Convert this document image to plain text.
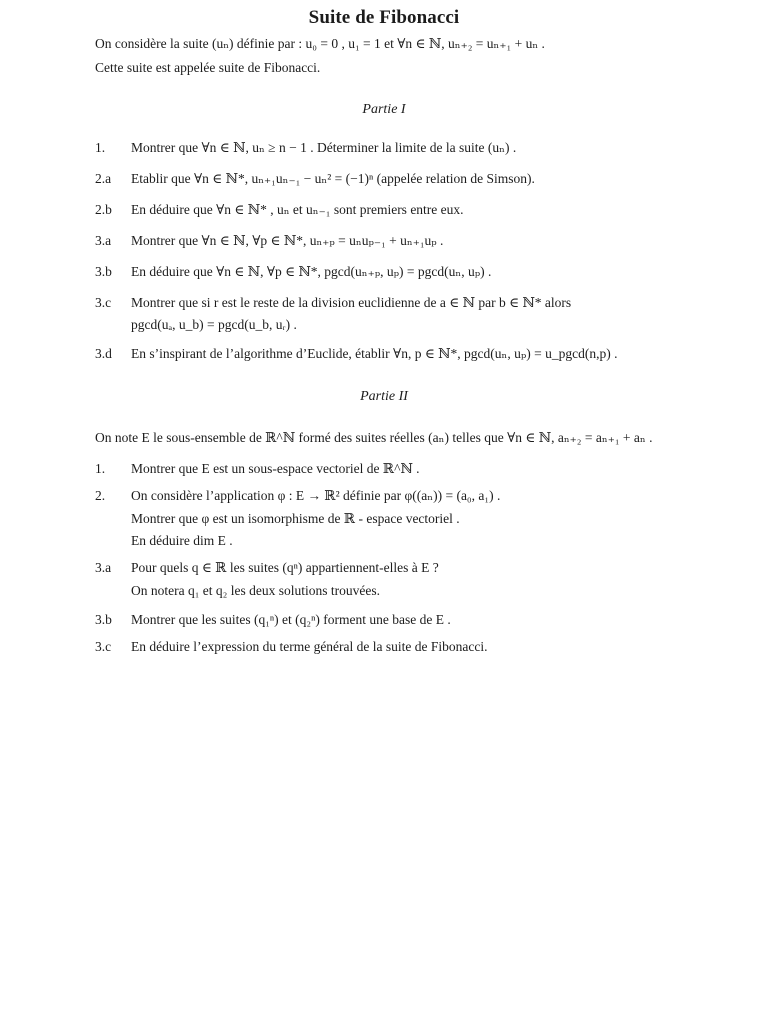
Suite de Fibonacci
On considère la suite (uₙ) définie par : u₀ = 0 , u₁ = 1 et ∀n ∈ ℕ, uₙ₊₂ = uₙ₊₁ + uₙ .
Cette suite est appelée suite de Fibonacci.
Partie I
1. Montrer que ∀n ∈ ℕ, uₙ ≥ n − 1 . Déterminer la limite de la suite (uₙ) .
2.a Etablir que ∀n ∈ ℕ*, uₙ₊₁uₙ₋₁ − uₙ² = (−1)ⁿ (appelée relation de Simson).
2.b En déduire que ∀n ∈ ℕ* , uₙ et uₙ₋₁ sont premiers entre eux.
3.a Montrer que ∀n ∈ ℕ, ∀p ∈ ℕ*, uₙ₊ₚ = uₙuₚ₋₁ + uₙ₊₁uₚ .
3.b En déduire que ∀n ∈ ℕ, ∀p ∈ ℕ*, pgcd(uₙ₊ₚ, uₚ) = pgcd(uₙ, uₚ) .
3.c Montrer que si r est le reste de la division euclidienne de a ∈ ℕ par b ∈ ℕ* alors
pgcd(uₐ, u_b) = pgcd(u_b, uᵣ) .
3.d En s’inspirant de l’algorithme d’Euclide, établir ∀n, p ∈ ℕ*, pgcd(uₙ, uₚ) = u_pgcd(n,p) .
Partie II
On note E le sous-ensemble de ℝ^ℕ formé des suites réelles (aₙ) telles que ∀n ∈ ℕ, aₙ₊₂ = aₙ₊₁ + aₙ .
1. Montrer que E est un sous-espace vectoriel de ℝ^ℕ .
2. On considère l’application φ : E → ℝ² définie par φ((aₙ)) = (a₀, a₁) .
Montrer que φ est un isomorphisme de ℝ - espace vectoriel .
En déduire dim E .
3.a Pour quels q ∈ ℝ les suites (qⁿ) appartiennent-elles à E ?
On notera q₁ et q₂ les deux solutions trouvées.
3.b Montrer que les suites (q₁ⁿ) et (q₂ⁿ) forment une base de E .
3.c En déduire l’expression du terme général de la suite de Fibonacci.
